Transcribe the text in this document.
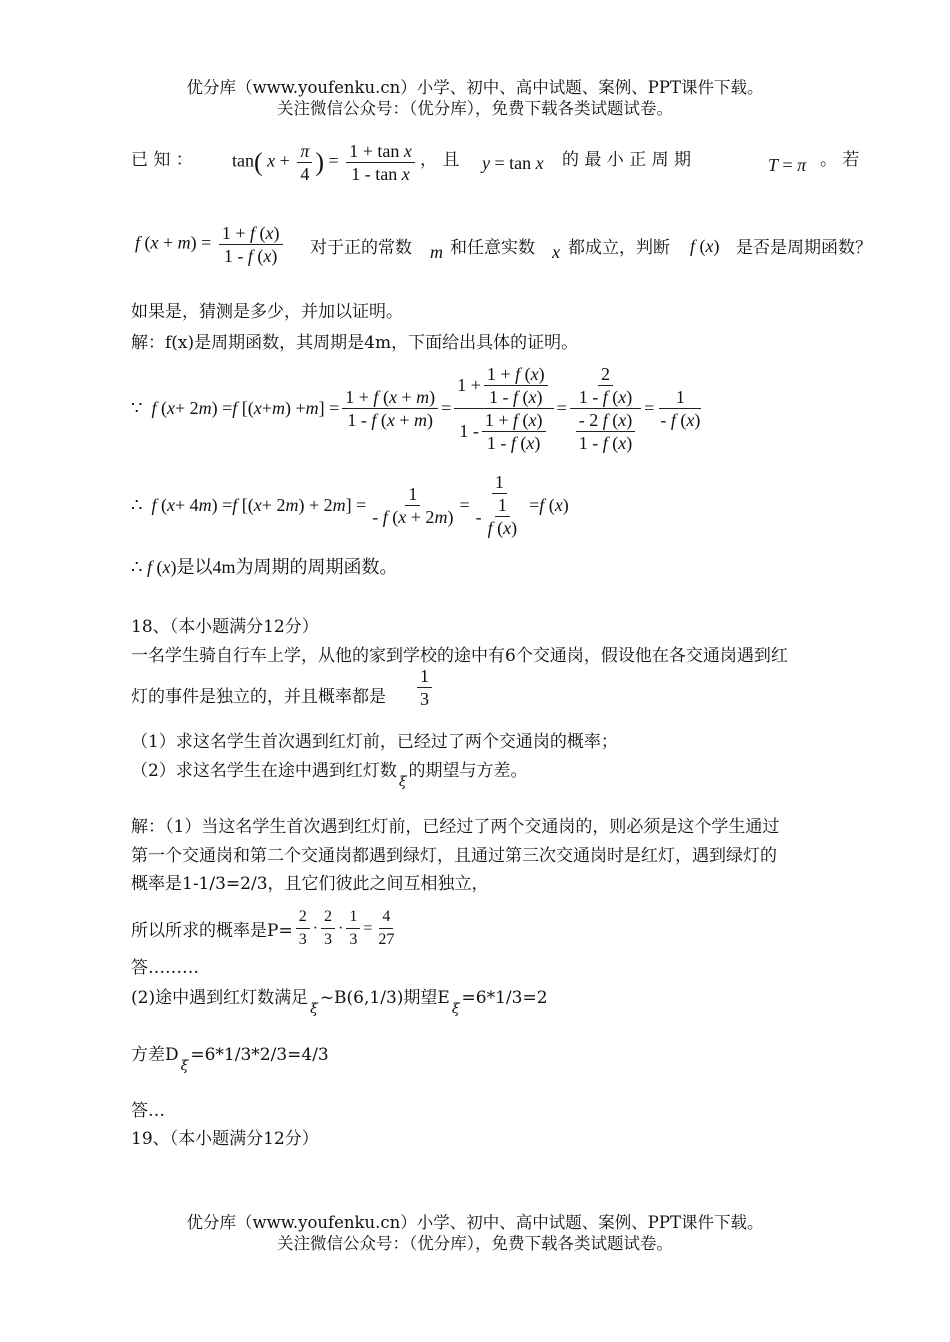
优分库（www.youfenku.cn）小学、初中、高中试题、案例、PPT课件下载。
关注微信公众号：（优分库），免费下载各类试题试卷。
已 知 ： tan( $x + \frac{\pi}{4}$ ) = $\frac{\text{1 + tan x}}{\text{1 - tan x}}$ ， 且 y = tan x 的 最 小 正 周 期	T = π 。 若
f $(x + m) = \frac{1 + f (x)}{1 - f (x)}$ 对于正的常数 m 和任意实数 x 都成立，判断 f (x) 是否是周期函数？
如果是，猜测是多少，并加以证明。
解：f(x)是周期函数，其周期是4m，下面给出具体的证明。
∵ f ( x + 2 m ) = f [( x + m ) + m ] = $\frac{1 + f (x + m)}{1 - f (x + m)} = \frac{1 + \frac{1 + f (x)}{1 - f (x)}}{1 - \frac{1 + f (x)}{1 - f (x)}} = \frac{\frac{2}{1 - f (x)}}{\frac{- 2 f (x)}{1 - f (x)}} = \frac{1}{- f (x)}$
∴ f ( x + 4 m ) = f [( x + 2 m ) + 2 m ] = $\frac{1}{- f (x + 2m)} = \frac{1}{- \frac{1}{f (x)}} = f$ ( x )
∴ f (x)是以4m为周期的周期函数。
18、（本小题满分12分）
一名学生骑自行车上学，从他的家到学校的途中有6个交通岗，假设他在各交通岗遇到红
灯的事件是独立的，并且概率都是 $\frac{1}{3}$
（1）求这名学生首次遇到红灯前，已经过了两个交通岗的概率；
（2）求这名学生在途中遇到红灯数ξ的期望与方差。
解：（1）当这名学生首次遇到红灯前，已经过了两个交通岗的，则必须是这个学生通过
第一个交通岗和第二个交通岗都遇到绿灯，且通过第三次交通岗时是红灯，遇到绿灯的
概率是1-1/3=2/3，且它们彼此之间互相独立，
所以所求的概率是$P= \frac{2}{3} \cdot \frac{2}{3} \cdot \frac{1}{3} = \frac{4}{27}$
答………
(2)途中遇到红灯数满足ξ~B(6,1/3)期望Eξ=6*1/3=2
方差Dξ=6*1/3*2/3=4/3
答…
19、（本小题满分12分）
优分库（www.youfenku.cn）小学、初中、高中试题、案例、PPT课件下载。
关注微信公众号：（优分库），免费下载各类试题试卷。
